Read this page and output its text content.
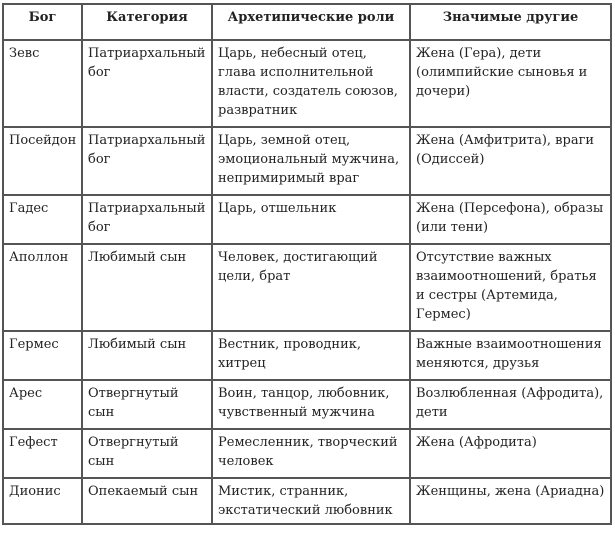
Бог	Категория	Архетипические роли	Значимые другие
Зевс	Патриархальный бог	Царь, небесный отец, глава исполнительной власти, создатель союзов, развратник	Жена (Гера), дети (олимпийские сыновья и дочери)
Посейдон	Патриархальный бог	Царь, земной отец, эмоциональный мужчина, непримиримый враг	Жена (Амфитрита), враги (Одиссей)
Гадес	Патриархальный бог	Царь, отшельник	Жена (Персефона), образы (или тени)
Аполлон	Любимый сын	Человек, достигающий цели, брат	Отсутствие важных взаимоотношений, братья и сестры (Артемида, Гермес)
Гермес	Любимый сын	Вестник, проводник, хитрец	Важные взаимоотношения меняются, друзья
Арес	Отвергнутый сын	Воин, танцор, любовник, чувственный мужчина	Возлюбленная (Афродита), дети
Гефест	Отвергнутый сын	Ремесленник, творческий человек	Жена (Афродита)
Дионис	Опекаемый сын	Мистик, странник, экстатический любовник	Женщины, жена (Ариадна)
